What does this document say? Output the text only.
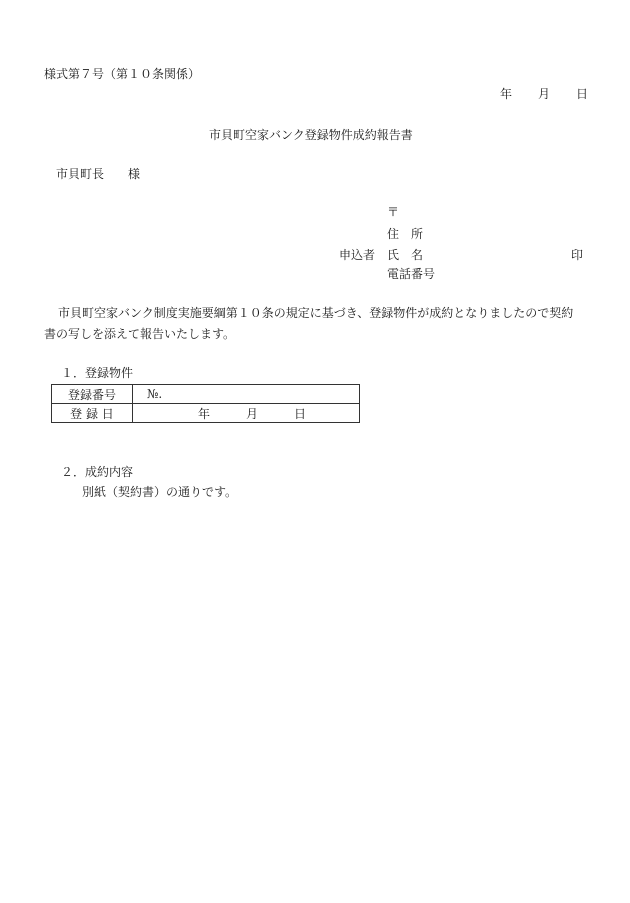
様式第７号（第１０条関係）
年 月 日
市貝町空家バンク登録物件成約報告書
市貝町長 様
〒
住　所
申込者 氏　名	印
電話番号
市貝町空家バンク制度実施要綱第１０条の規定に基づき、登録物件が成約となりましたので契約
書の写しを添えて報告いたします。
１．登録物件
登録番号	№.
登 録 日	年 月 日
２．成約内容
別紙（契約書）の通りです。
